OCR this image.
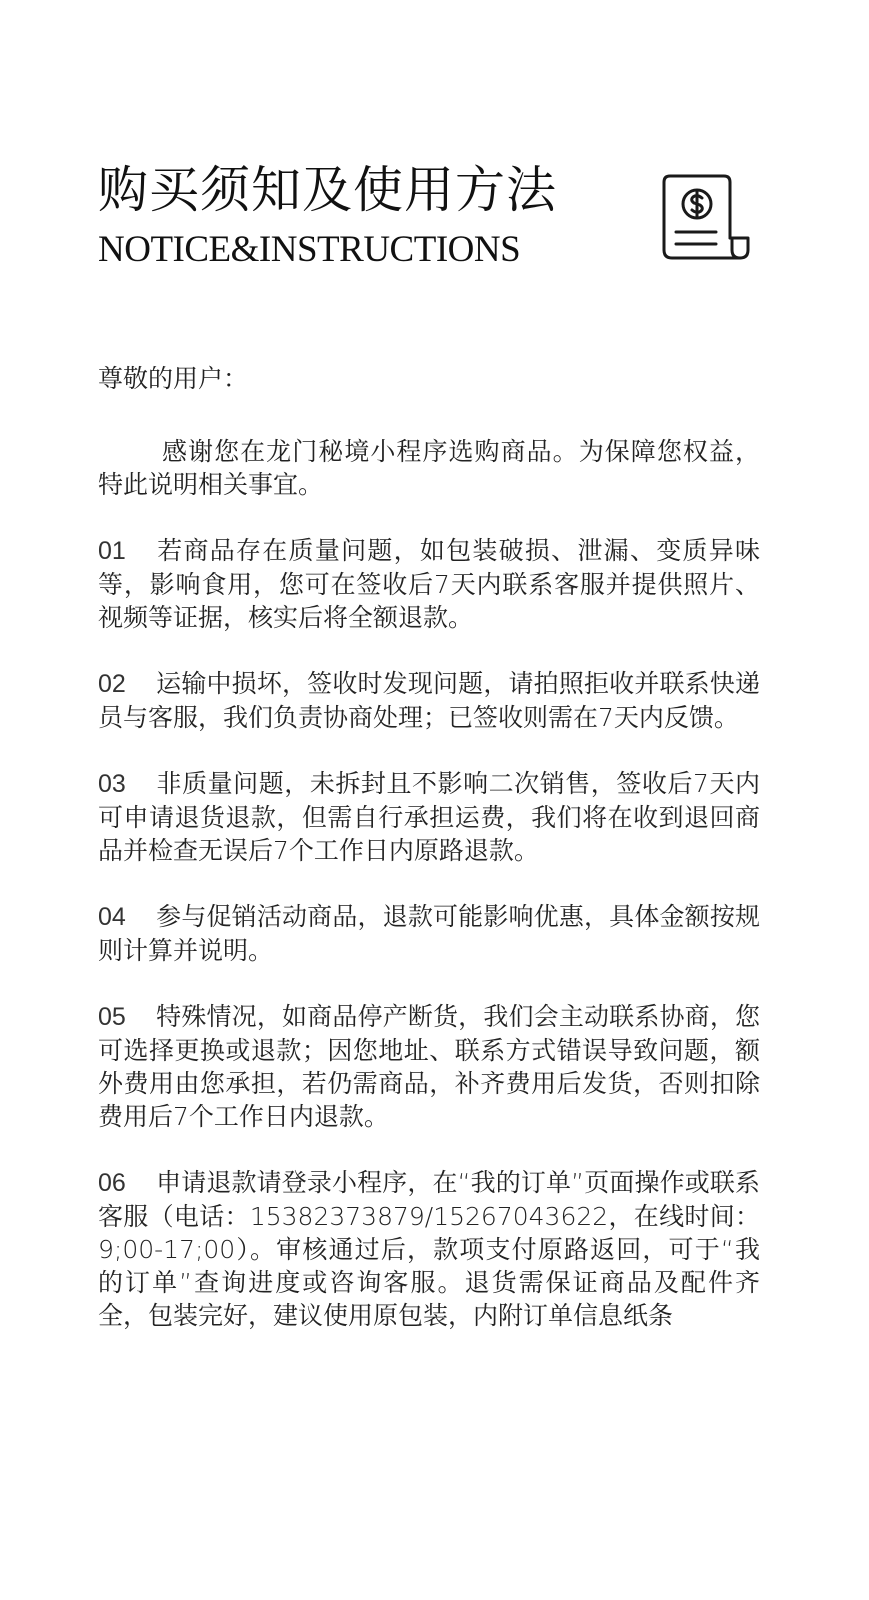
购买须知及使用方法
NOTICE&INSTRUCTIONS

尊敬的用户：

感谢您在龙门秘境小程序选购商品。为保障您权益，特此说明相关事宜。

01 若商品存在质量问题，如包装破损、泄漏、变质异味等，影响食用，您可在签收后7天内联系客服并提供照片、视频等证据，核实后将全额退款。

02 运输中损坏，签收时发现问题，请拍照拒收并联系快递员与客服，我们负责协商处理；已签收则需在7天内反馈。

03 非质量问题，未拆封且不影响二次销售，签收后7天内可申请退货退款，但需自行承担运费，我们将在收到退回商品并检查无误后7个工作日内原路退款。

04 参与促销活动商品，退款可能影响优惠，具体金额按规则计算并说明。

05 特殊情况，如商品停产断货，我们会主动联系协商，您可选择更换或退款；因您地址、联系方式错误导致问题，额外费用由您承担，若仍需商品，补齐费用后发货，否则扣除费用后7个工作日内退款。

06 申请退款请登录小程序，在“我的订单”页面操作或联系客服（电话：15382373879/15267043622，在线时间：9;00-17;00）。审核通过后，款项支付原路返回，可于“我的订单”查询进度或咨询客服。退货需保证商品及配件齐全，包装完好，建议使用原包装，内附订单信息纸条
